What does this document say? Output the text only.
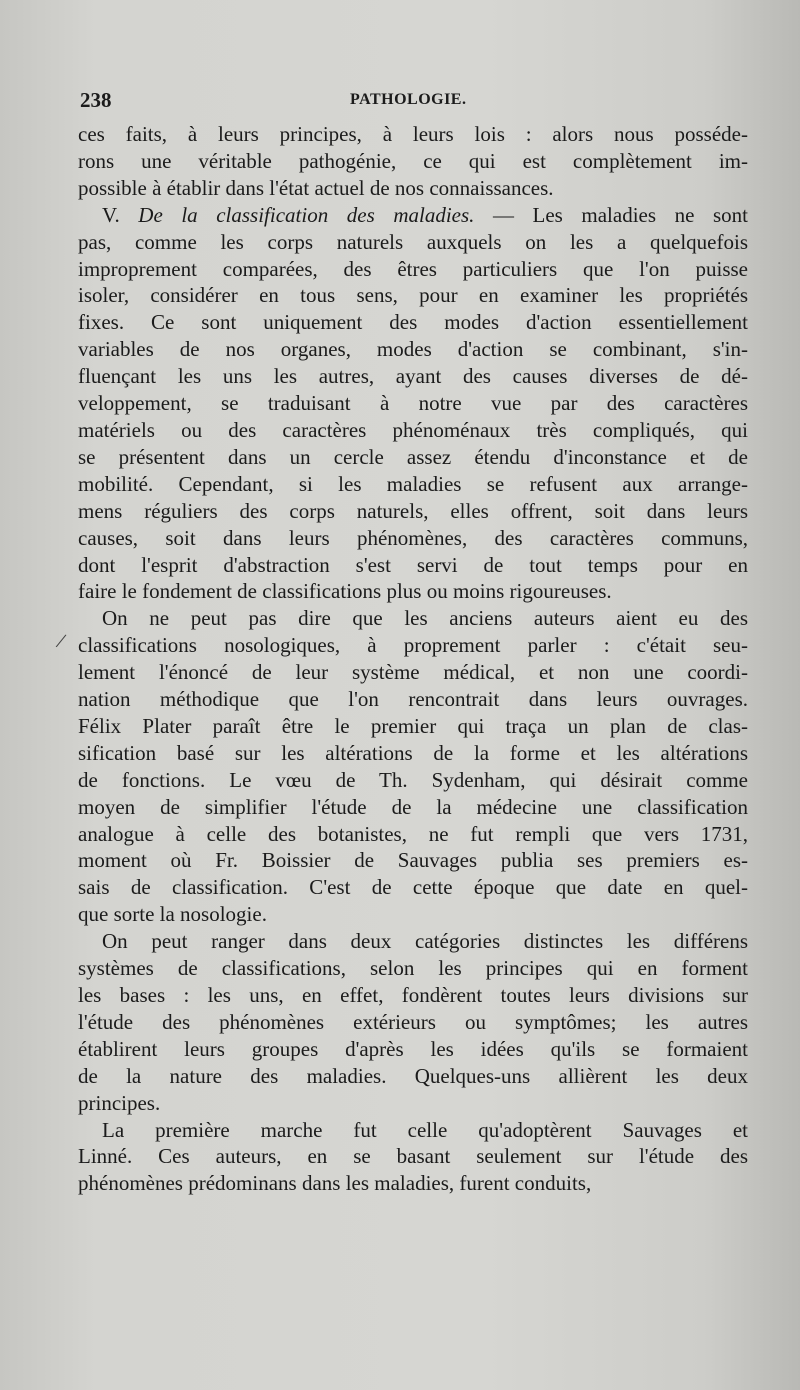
238	PATHOLOGIE.
/
ces faits, à leurs principes, à leurs lois : alors nous posséde-
rons une véritable pathogénie, ce qui est complètement im-
possible à établir dans l'état actuel de nos connaissances.
V. De la classification des maladies. — Les maladies ne sont
pas, comme les corps naturels auxquels on les a quelquefois
improprement comparées, des êtres particuliers que l'on puisse
isoler, considérer en tous sens, pour en examiner les propriétés
fixes. Ce sont uniquement des modes d'action essentiellement
variables de nos organes, modes d'action se combinant, s'in-
fluençant les uns les autres, ayant des causes diverses de dé-
veloppement, se traduisant à notre vue par des caractères
matériels ou des caractères phénoménaux très compliqués, qui
se présentent dans un cercle assez étendu d'inconstance et de
mobilité. Cependant, si les maladies se refusent aux arrange-
mens réguliers des corps naturels, elles offrent, soit dans leurs
causes, soit dans leurs phénomènes, des caractères communs,
dont l'esprit d'abstraction s'est servi de tout temps pour en
faire le fondement de classifications plus ou moins rigoureuses.
On ne peut pas dire que les anciens auteurs aient eu des
classifications nosologiques, à proprement parler : c'était seu-
lement l'énoncé de leur système médical, et non une coordi-
nation méthodique que l'on rencontrait dans leurs ouvrages.
Félix Plater paraît être le premier qui traça un plan de clas-
sification basé sur les altérations de la forme et les altérations
de fonctions. Le vœu de Th. Sydenham, qui désirait comme
moyen de simplifier l'étude de la médecine une classification
analogue à celle des botanistes, ne fut rempli que vers 1731,
moment où Fr. Boissier de Sauvages publia ses premiers es-
sais de classification. C'est de cette époque que date en quel-
que sorte la nosologie.
On peut ranger dans deux catégories distinctes les différens
systèmes de classifications, selon les principes qui en forment
les bases : les uns, en effet, fondèrent toutes leurs divisions sur
l'étude des phénomènes extérieurs ou symptômes; les autres
établirent leurs groupes d'après les idées qu'ils se formaient
de la nature des maladies. Quelques-uns allièrent les deux
principes.
La première marche fut celle qu'adoptèrent Sauvages et
Linné. Ces auteurs, en se basant seulement sur l'étude des
phénomènes prédominans dans les maladies, furent conduits,
